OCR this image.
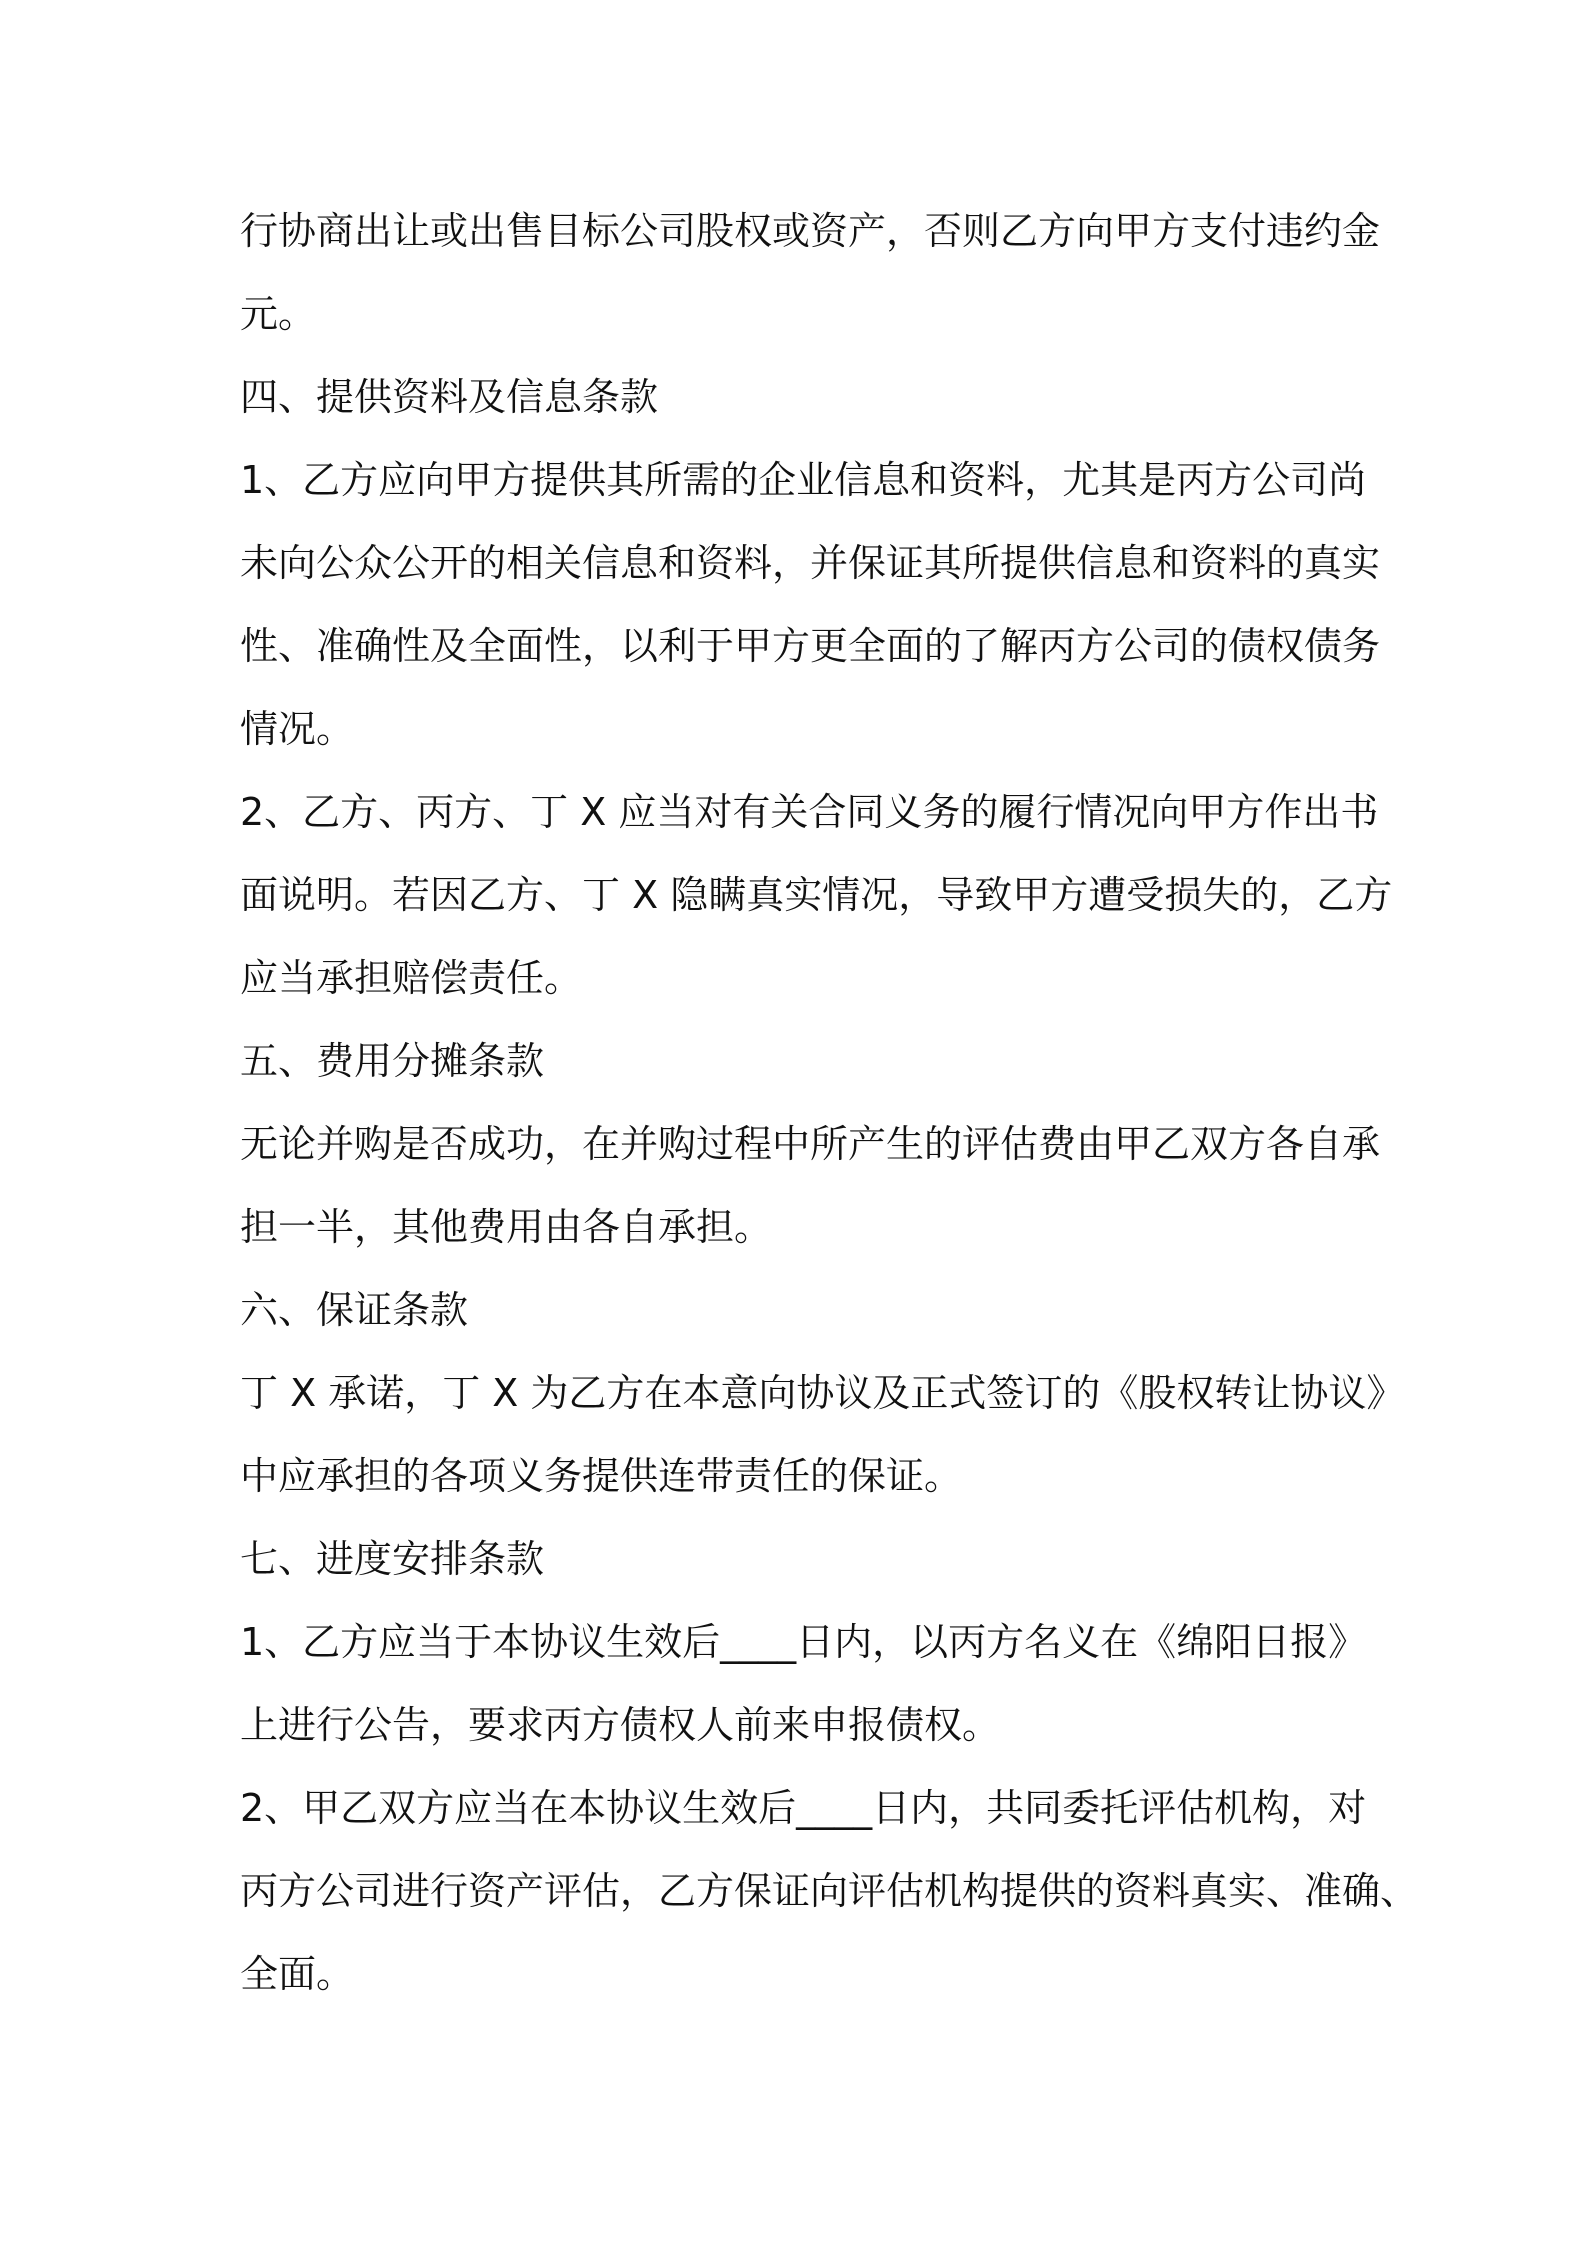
行协商出让或出售目标公司股权或资产，否则乙方向甲方支付违约金
元。

四、提供资料及信息条款

1、乙方应向甲方提供其所需的企业信息和资料，尤其是丙方公司尚
未向公众公开的相关信息和资料，并保证其所提供信息和资料的真实
性、准确性及全面性，以利于甲方更全面的了解丙方公司的债权债务
情况。

2、乙方、丙方、丁 X 应当对有关合同义务的履行情况向甲方作出书
面说明。若因乙方、丁 X 隐瞒真实情况，导致甲方遭受损失的，乙方
应当承担赔偿责任。

五、费用分摊条款

无论并购是否成功，在并购过程中所产生的评估费由甲乙双方各自承
担一半，其他费用由各自承担。

六、保证条款

丁 X 承诺，丁 X 为乙方在本意向协议及正式签订的《股权转让协议》
中应承担的各项义务提供连带责任的保证。

七、进度安排条款

1、乙方应当于本协议生效后____日内，以丙方名义在《绵阳日报》
上进行公告，要求丙方债权人前来申报债权。

2、甲乙双方应当在本协议生效后____日内，共同委托评估机构，对
丙方公司进行资产评估，乙方保证向评估机构提供的资料真实、准确、
全面。
